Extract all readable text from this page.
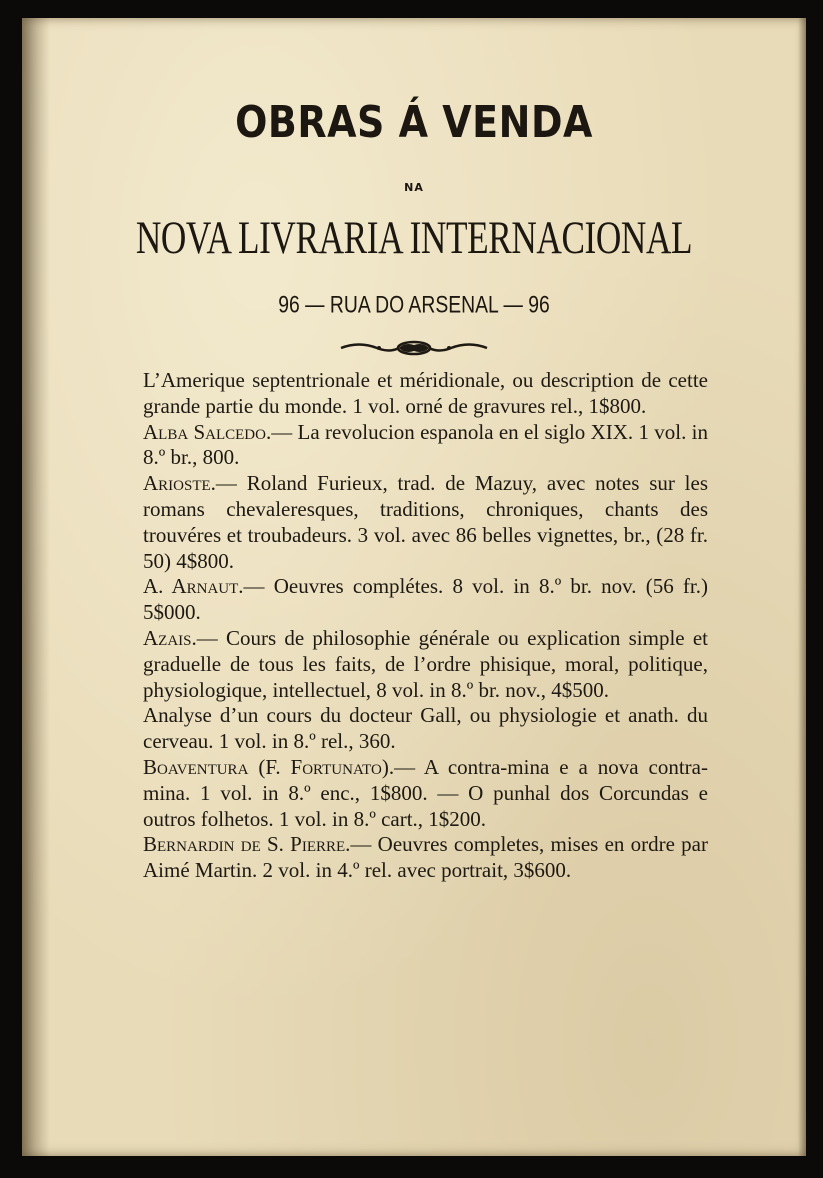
OBRAS Á VENDA
NA
NOVA LIVRARIA INTERNACIONAL
96 — RUA DO ARSENAL — 96

L’Amerique septentrionale et méridionale, ou description de cette grande partie du monde. 1 vol. orné de gravures rel., 1$800.

Alba Salcedo.— La revolucion espanola en el siglo XIX. 1 vol. in 8.º br., 800.

Arioste.— Roland Furieux, trad. de Mazuy, avec notes sur les romans chevaleresques, traditions, chroniques, chants des trouvéres et troubadeurs. 3 vol. avec 86 belles vignettes, br., (28 fr. 50) 4$800.

A. Arnaut.— Oeuvres complétes. 8 vol. in 8.º br. nov. (56 fr.) 5$000.

Azais.— Cours de philosophie générale ou explication simple et graduelle de tous les faits, de l’ordre phisique, moral, politique, physiologique, intellectuel, 8 vol. in 8.º br. nov., 4$500.

Analyse d’un cours du docteur Gall, ou physiologie et anath. du cerveau. 1 vol. in 8.º rel., 360.

Boaventura (F. Fortunato).— A contra-mina e a nova contra-mina. 1 vol. in 8.º enc., 1$800. — O punhal dos Corcundas e outros folhetos. 1 vol. in 8.º cart., 1$200.

Bernardin de S. Pierre.— Oeuvres completes, mises en ordre par Aimé Martin. 2 vol. in 4.º rel. avec portrait, 3$600.
